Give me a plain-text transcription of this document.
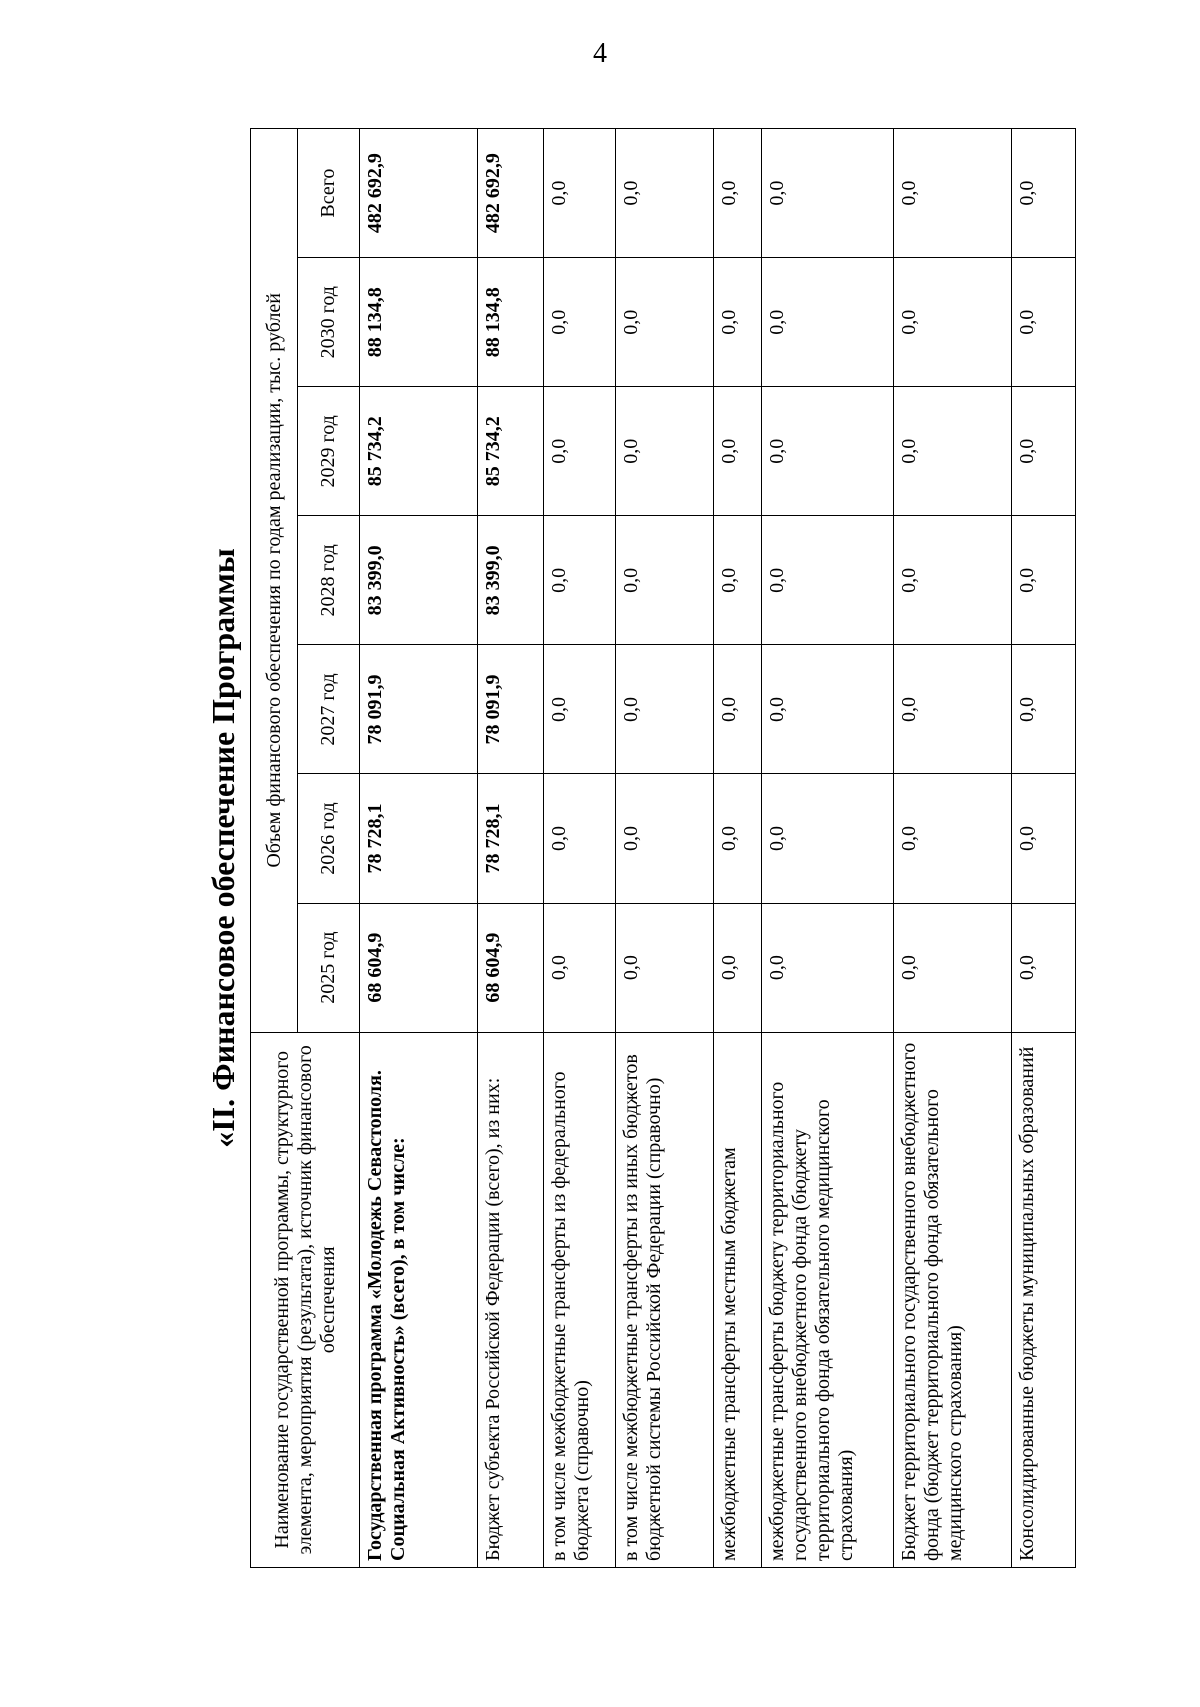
4
«II. Финансовое обеспечение Программы
Наименование государственной программы, структурного элемента, мероприятия (результата), источник финансового обеспечения	Объем финансового обеспечения по годам реализации, тыс. рублей						
	2025 год	2026 год	2027 год	2028 год	2029 год	2030 год	Всего
Государственная программа «Молодежь Севастополя. Социальная Активность» (всего), в том числе:	68 604,9	78 728,1	78 091,9	83 399,0	85 734,2	88 134,8	482 692,9
Бюджет субъекта Российской Федерации (всего), из них:	68 604,9	78 728,1	78 091,9	83 399,0	85 734,2	88 134,8	482 692,9
в том числе межбюджетные трансферты из федерального бюджета (справочно)	0,0	0,0	0,0	0,0	0,0	0,0	0,0
в том числе межбюджетные трансферты из иных бюджетов бюджетной системы Российской Федерации (справочно)	0,0	0,0	0,0	0,0	0,0	0,0	0,0
межбюджетные трансферты местным бюджетам	0,0	0,0	0,0	0,0	0,0	0,0	0,0
межбюджетные трансферты бюджету территориального государственного внебюджетного фонда (бюджету территориального фонда обязательного медицинского страхования)	0,0	0,0	0,0	0,0	0,0	0,0	0,0
Бюджет территориального государственного внебюджетного фонда (бюджет территориального фонда обязательного медицинского страхования)	0,0	0,0	0,0	0,0	0,0	0,0	0,0
Консолидированные бюджеты муниципальных образований	0,0	0,0	0,0	0,0	0,0	0,0	0,0
